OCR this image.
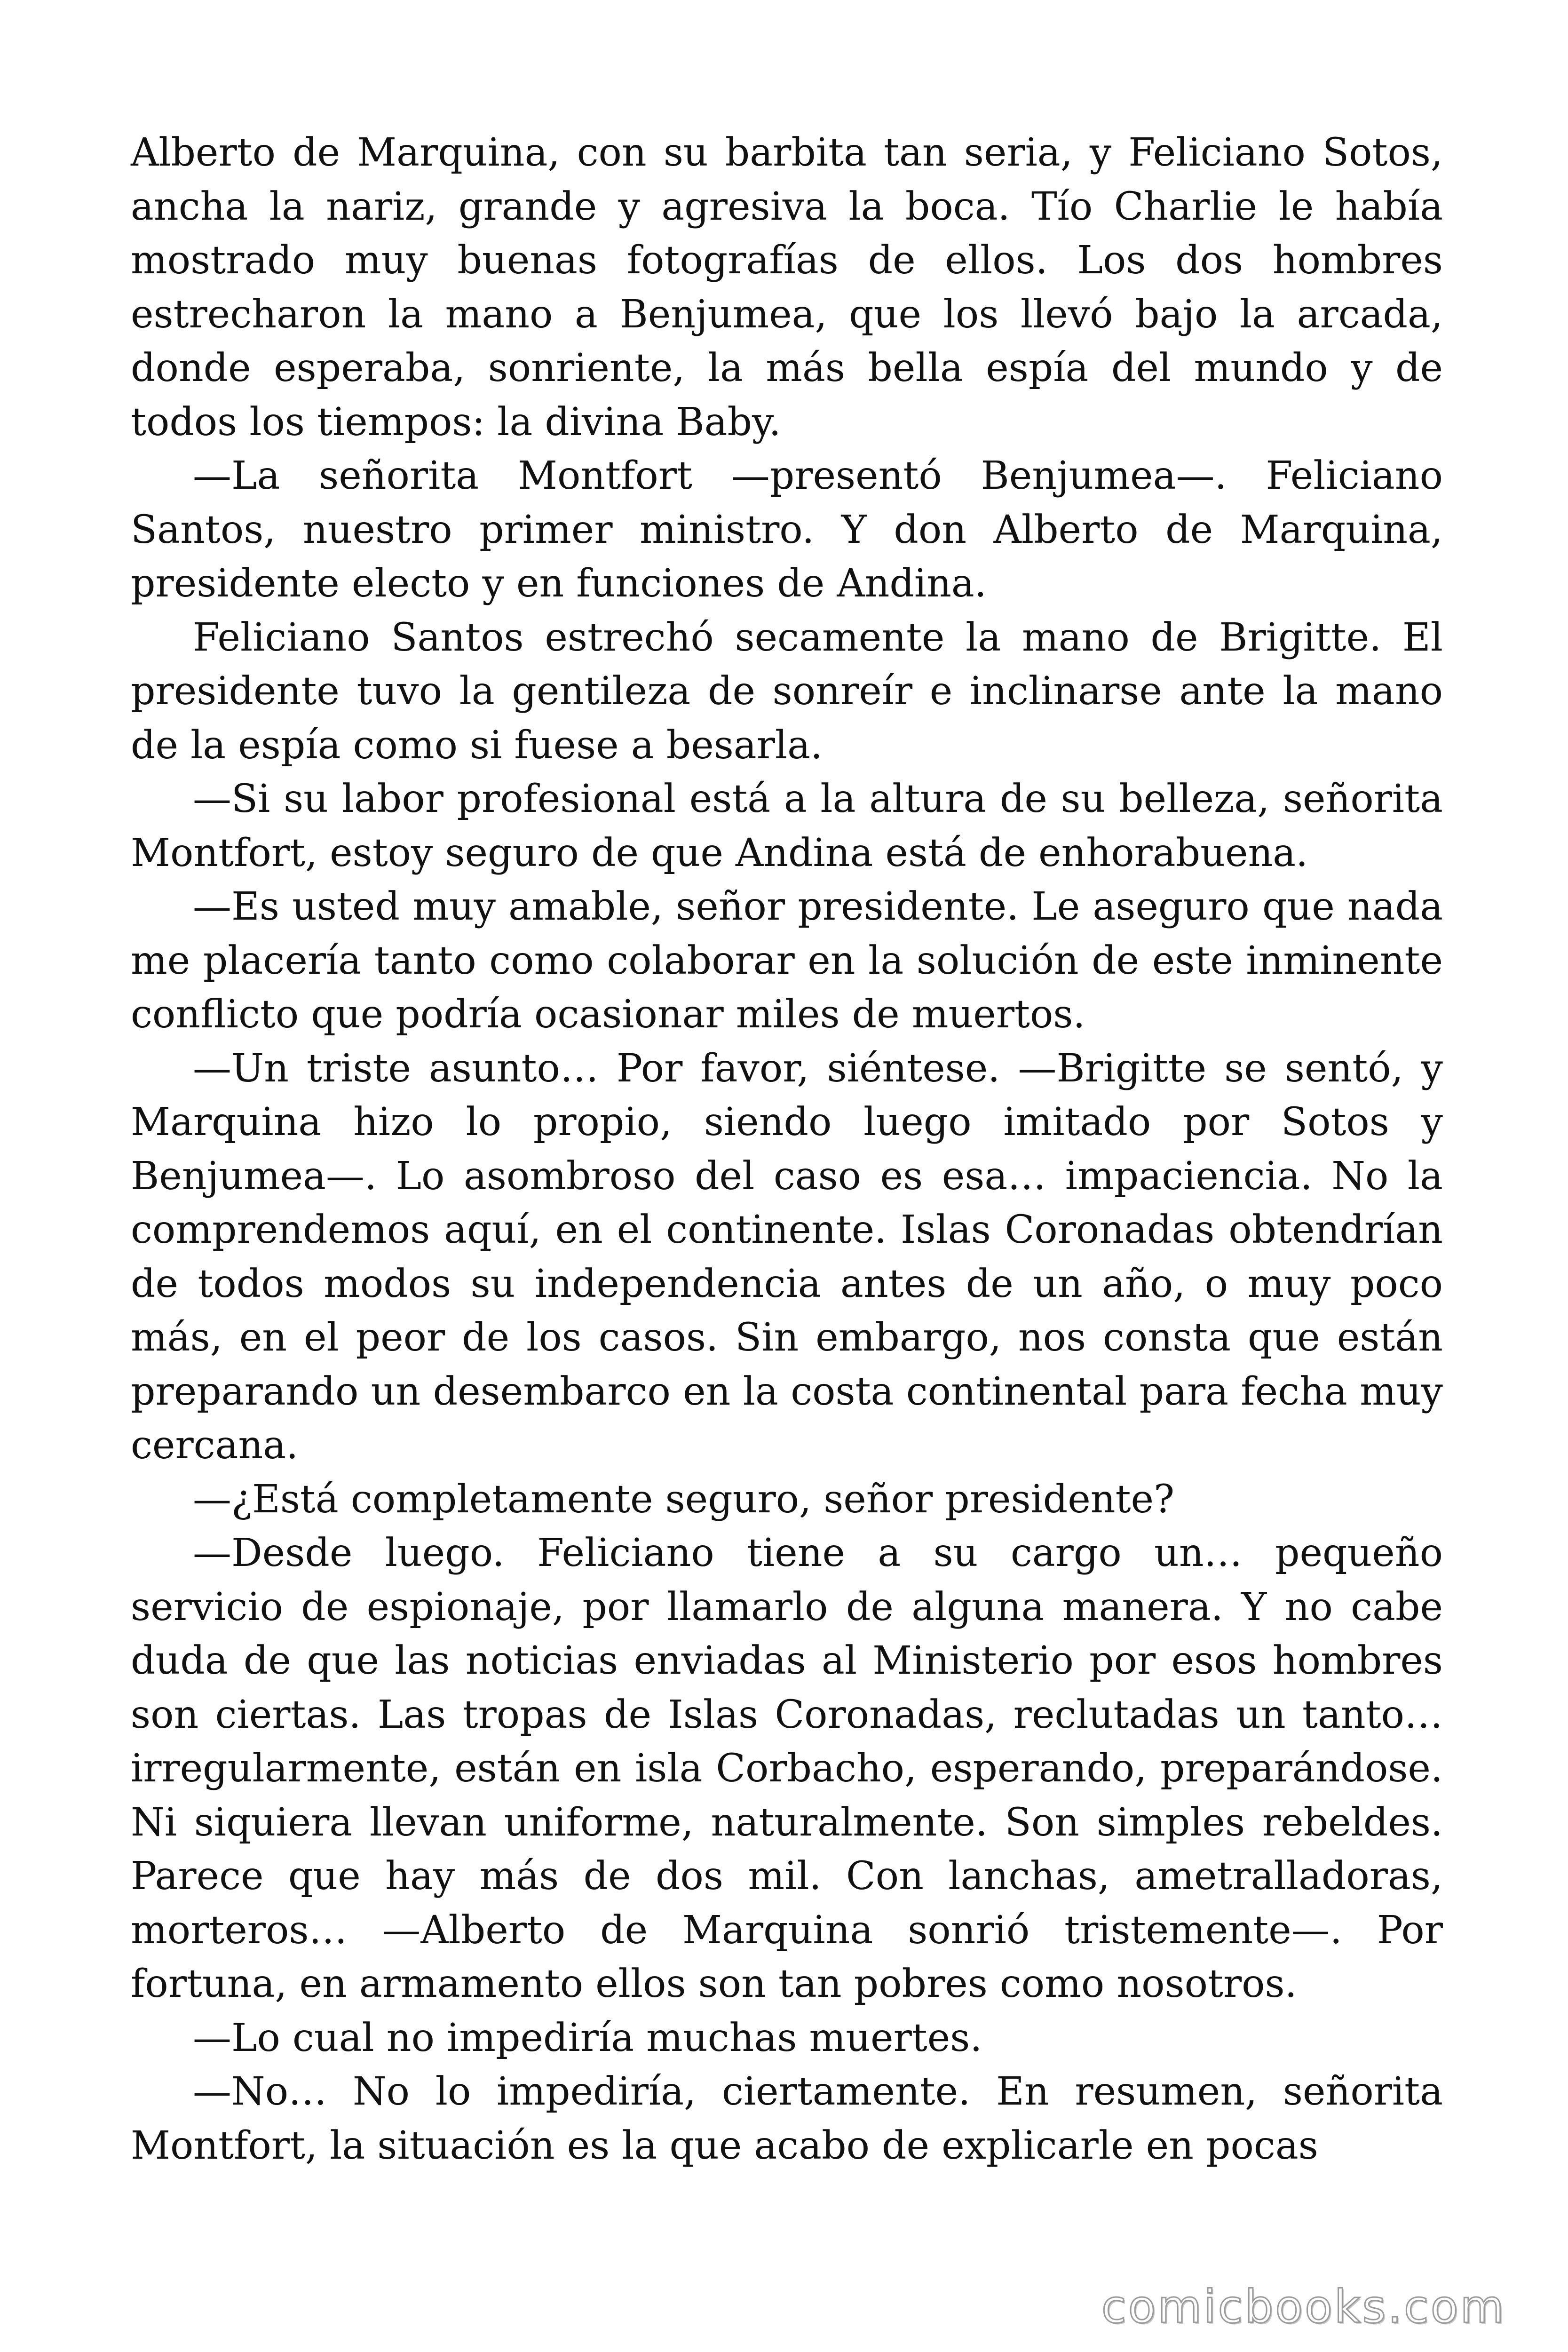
Alberto de Marquina, con su barbita tan seria, y Feliciano Sotos, ancha la nariz, grande y agresiva la boca. Tío Charlie le había mostrado muy buenas fotografías de ellos. Los dos hombres estrecharon la mano a Benjumea, que los llevó bajo la arcada, donde esperaba, sonriente, la más bella espía del mundo y de todos los tiempos: la divina Baby.

—La señorita Montfort —presentó Benjumea—. Feliciano Santos, nuestro primer ministro. Y don Alberto de Marquina, presidente electo y en funciones de Andina.

Feliciano Santos estrechó secamente la mano de Brigitte. El presidente tuvo la gentileza de sonreír e inclinarse ante la mano de la espía como si fuese a besarla.

—Si su labor profesional está a la altura de su belleza, señorita Montfort, estoy seguro de que Andina está de enhorabuena.

—Es usted muy amable, señor presidente. Le aseguro que nada me placería tanto como colaborar en la solución de este inminente conflicto que podría ocasionar miles de muertos.

—Un triste asunto… Por favor, siéntese. —Brigitte se sentó, y Marquina hizo lo propio, siendo luego imitado por Sotos y Benjumea—. Lo asombroso del caso es esa… impaciencia. No la comprendemos aquí, en el continente. Islas Coronadas obtendrían de todos modos su independencia antes de un año, o muy poco más, en el peor de los casos. Sin embargo, nos consta que están preparando un desembarco en la costa continental para fecha muy cercana.

—¿Está completamente seguro, señor presidente?

—Desde luego. Feliciano tiene a su cargo un… pequeño servicio de espionaje, por llamarlo de alguna manera. Y no cabe duda de que las noticias enviadas al Ministerio por esos hombres son ciertas. Las tropas de Islas Coronadas, reclutadas un tanto… irregularmente, están en isla Corbacho, esperando, preparándose. Ni siquiera llevan uniforme, naturalmente. Son simples rebeldes. Parece que hay más de dos mil. Con lanchas, ametralladoras, morteros… —Alberto de Marquina sonrió tristemente—. Por fortuna, en armamento ellos son tan pobres como nosotros.

—Lo cual no impediría muchas muertes.

—No… No lo impediría, ciertamente. En resumen, señorita Montfort, la situación es la que acabo de explicarle en pocas

comicbooks.com
